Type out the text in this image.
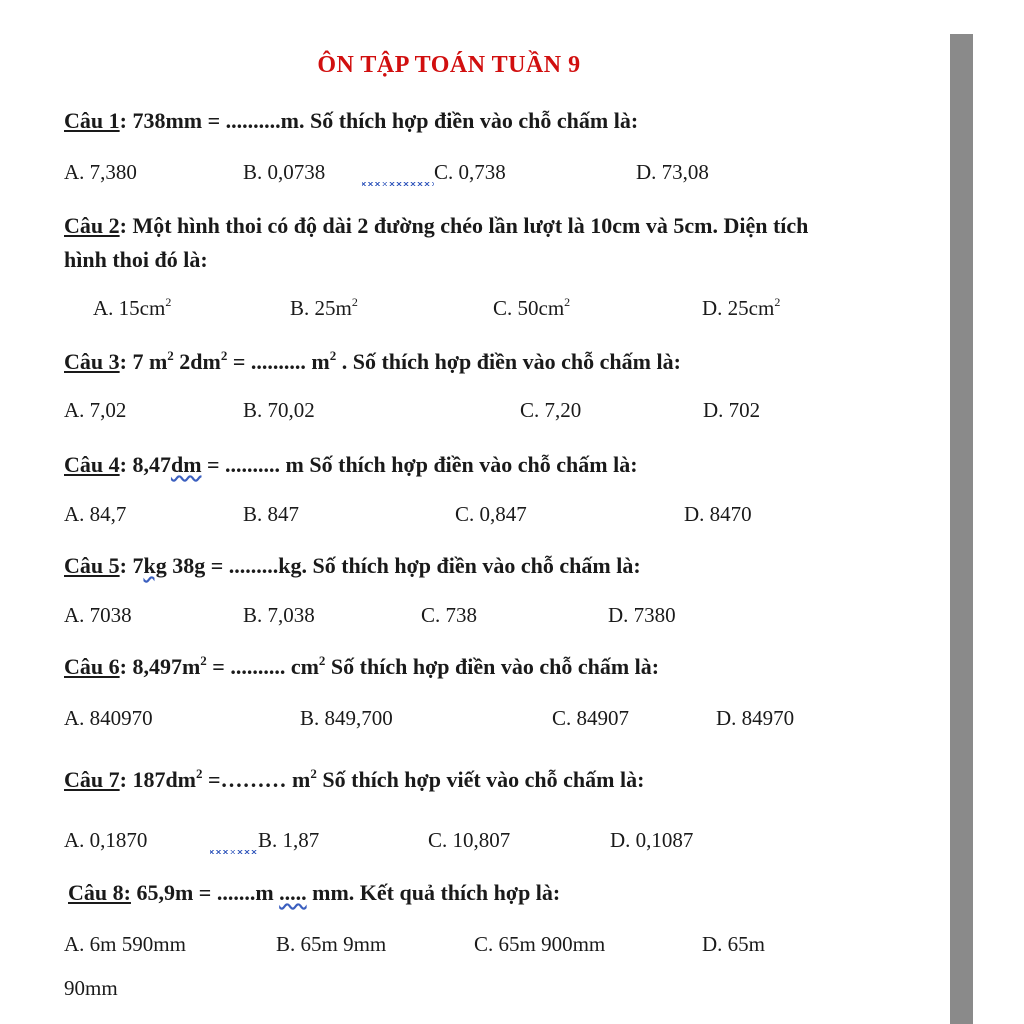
ÔN TẬP TOÁN TUẦN 9
Câu 1: 738mm = ..........m. Số thích hợp điền vào chỗ chấm là:
A. 7,380	B. 0,0738	C. 0,738	D. 73,08
Câu 2: Một hình thoi có độ dài 2 đường chéo lần lượt là 10cm và 5cm. Diện tích hình thoi đó là:
A. $15cm^2$	B. $25m^2$	C. $50cm^2$	D. $25cm^2$
Câu 3: 7 $m^2$ $2dm^2$ = .......... $m^2$ . Số thích hợp điền vào chỗ chấm là:
A. 7,02	B. 70,02	C. 7,20	D. 702
Câu 4: 8,47dm = .......... m Số thích hợp điền vào chỗ chấm là:
A. 84,7	B. 847	C. 0,847	D. 8470
Câu 5: 7kg 38g = .........kg. Số thích hợp điền vào chỗ chấm là:
A. 7038	B. 7,038	C. 738	D. 7380
Câu 6: $8,497m^2$ = .......... $cm^2$ Số thích hợp điền vào chỗ chấm là:
A. 840970	B. 849,700	C. 84907	D. 84970
Câu 7: $187dm^2$ =……… $m^2$ Số thích hợp viết vào chỗ chấm là:
A. 0,1870	B. 1,87	C. 10,807	D. 0,1087
Câu 8: 65,9m = .......m ..... mm. Kết quả thích hợp là:
A. 6m 590mm	B. 65m 9mm	C. 65m 900mm	D. 65m
90mm
